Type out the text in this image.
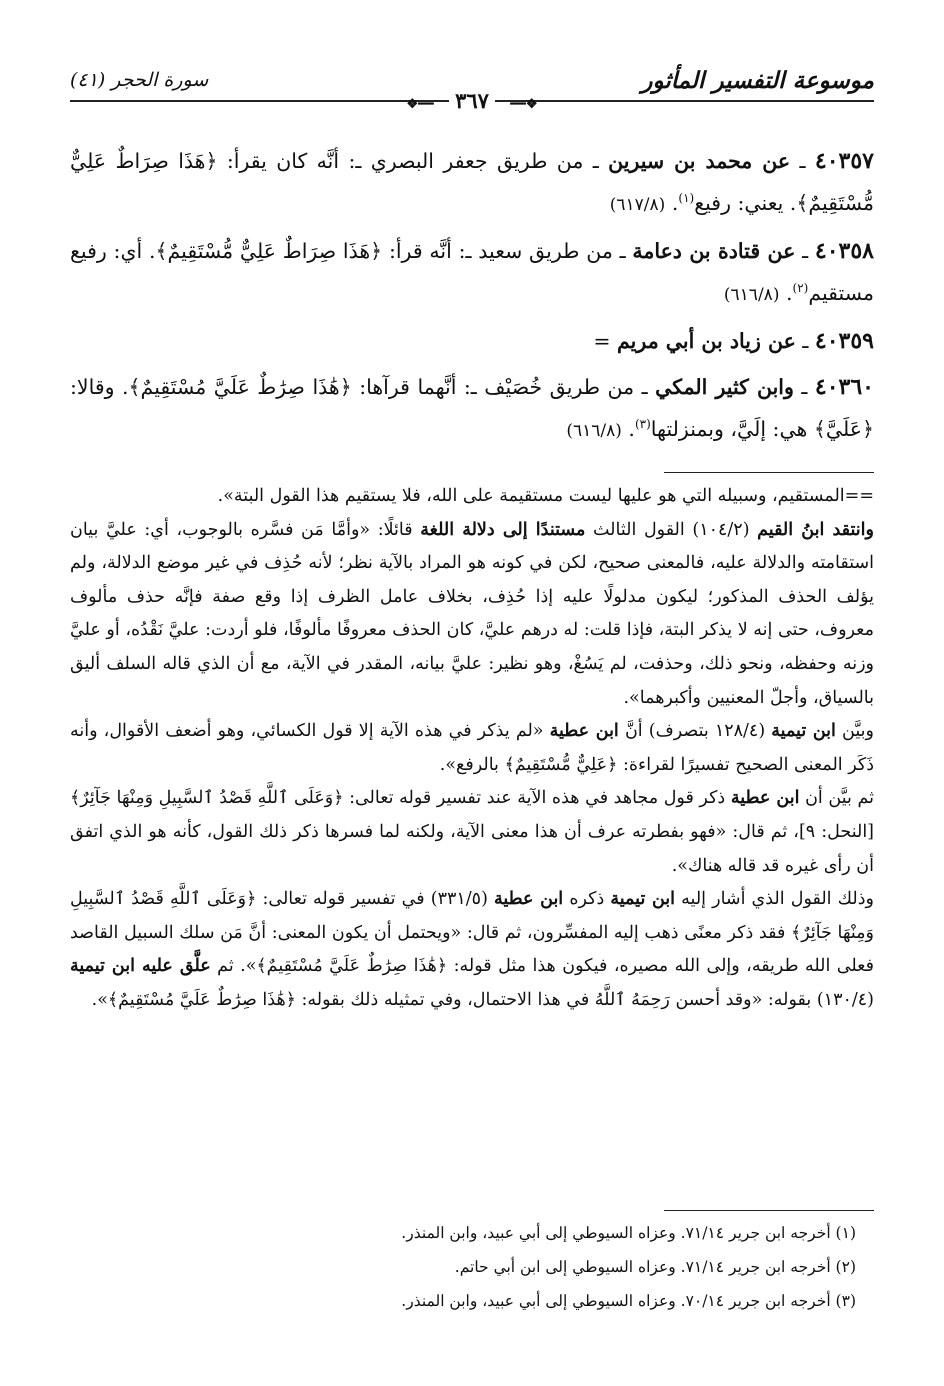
موسوعة التفسير المأثور
سورة الحجر (٤١)
❖━━ ٣٦٧ ━━❖

٤٠٣٥٧ ـ عن محمد بن سيرين ـ من طريق جعفر البصري ـ: أنَّه كان يقرأ: ﴿هَذَا صِرَاطٌ عَلِيٌّ مُّسْتَقِيمٌ﴾. يعني: رفيع$^{(١)}$. (٦١٧/٨)

٤٠٣٥٨ ـ عن قتادة بن دعامة ـ من طريق سعيد ـ: أنَّه قرأ: ﴿هَذَا صِرَاطٌ عَلِيٌّ مُّسْتَقِيمٌ﴾. أي: رفيع مستقيم$^{(٢)}$. (٦١٦/٨)

٤٠٣٥٩ ـ عن زياد بن أبي مريم =

٤٠٣٦٠ ـ وابن كثير المكي ـ من طريق خُصَيْف ـ: أنَّهما قرآها: ﴿هَٰذَا صِرَٰطٌ عَلَيَّ مُسْتَقِيمٌ﴾. وقالا: ﴿عَلَيَّ﴾ هي: إلَيَّ، وبمنزلتها$^{(٣)}$. (٦١٦/٨)

==المستقيم، وسبيله التي هو عليها ليست مستقيمة على الله، فلا يستقيم هذا القول البتة».

وانتقد ابنُ القيم (١٠٤/٢) القول الثالث مستندًا إلى دلالة اللغة قائلًا: «وأمَّا مَن فسَّره بالوجوب، أي: عليَّ بيان استقامته والدلالة عليه، فالمعنى صحيح، لكن في كونه هو المراد بالآية نظر؛ لأنه حُذِف في غير موضع الدلالة، ولم يؤلف الحذف المذكور؛ ليكون مدلولًا عليه إذا حُذِف، بخلاف عامل الظرف إذا وقع صفة فإنَّه حذف مألوف معروف، حتى إنه لا يذكر البتة، فإذا قلت: له درهم عليَّ، كان الحذف معروفًا مألوفًا، فلو أردت: عليَّ نَقْدُه، أو عليَّ وزنه وحفظه، ونحو ذلك، وحذفت، لم يَسُغْ، وهو نظير: عليَّ بيانه، المقدر في الآية، مع أن الذي قاله السلف أليق بالسياق، وأجلّ المعنيين وأكبرهما».

وبيَّن ابن تيمية (١٢٨/٤ بتصرف) أنَّ ابن عطية «لم يذكر في هذه الآية إلا قول الكسائي، وهو أضعف الأقوال، وأنه ذَكَر المعنى الصحيح تفسيرًا لقراءة: ﴿عَلِيٌّ مُّسْتَقِيمٌ﴾ بالرفع».

ثم بيَّن أن ابن عطية ذكر قول مجاهد في هذه الآية عند تفسير قوله تعالى: ﴿وَعَلَى ٱللَّهِ قَصْدُ ٱلسَّبِيلِ وَمِنْهَا جَآئِرٌ﴾ [النحل: ٩]، ثم قال: «فهو بفطرته عرف أن هذا معنى الآية، ولكنه لما فسرها ذكر ذلك القول، كأنه هو الذي اتفق أن رأى غيره قد قاله هناك».

وذلك القول الذي أشار إليه ابن تيمية ذكره ابن عطية (٣٣١/٥) في تفسير قوله تعالى: ﴿وَعَلَى ٱللَّهِ قَصْدُ ٱلسَّبِيلِ وَمِنْهَا جَآئِرٌ﴾ فقد ذكر معنًى ذهب إليه المفسِّرون، ثم قال: «ويحتمل أن يكون المعنى: أنَّ مَن سلك السبيل القاصد فعلى الله طريقه، وإلى الله مصيره، فيكون هذا مثل قوله: ﴿هَٰذَا صِرَٰطٌ عَلَيَّ مُسْتَقِيمٌ﴾». ثم علَّق عليه ابن تيمية (١٣٠/٤) بقوله: «وقد أحسن رَحِمَهُ ٱللَّهُ في هذا الاحتمال، وفي تمثيله ذلك بقوله: ﴿هَٰذَا صِرَٰطٌ عَلَيَّ مُسْتَقِيمٌ﴾».

(١) أخرجه ابن جرير ٧١/١٤. وعزاه السيوطي إلى أبي عبيد، وابن المنذر.

(٢) أخرجه ابن جرير ٧١/١٤. وعزاه السيوطي إلى ابن أبي حاتم.

(٣) أخرجه ابن جرير ٧٠/١٤. وعزاه السيوطي إلى أبي عبيد، وابن المنذر.
